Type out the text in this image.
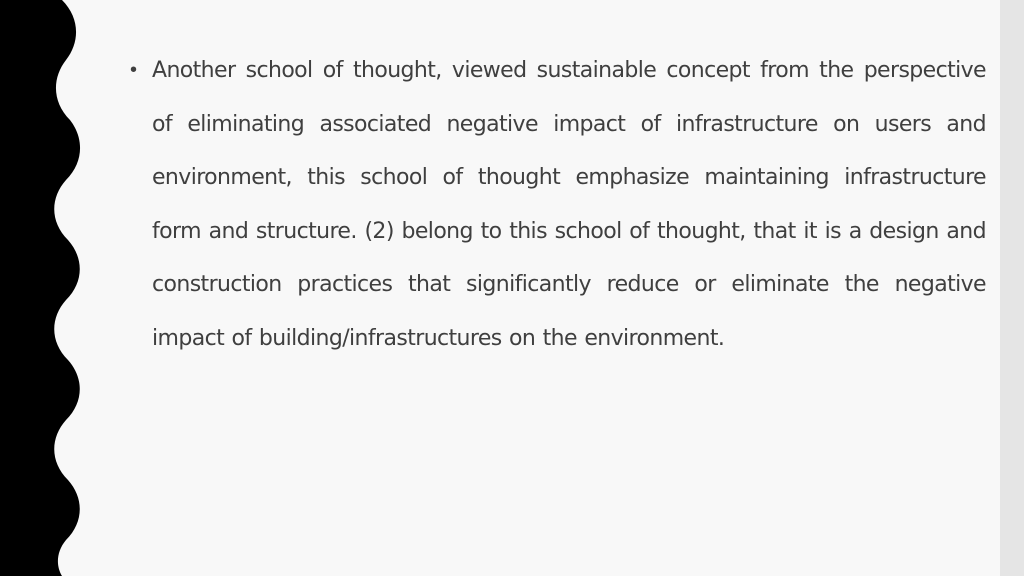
• Another school of thought, viewed sustainable concept from the perspective of eliminating associated negative impact of infrastructure on users and environment, this school of thought emphasize maintaining infrastructure form and structure. (2) belong to this school of thought, that it is a design and construction practices that significantly reduce or eliminate the negative impact of building/infrastructures on the environment.
